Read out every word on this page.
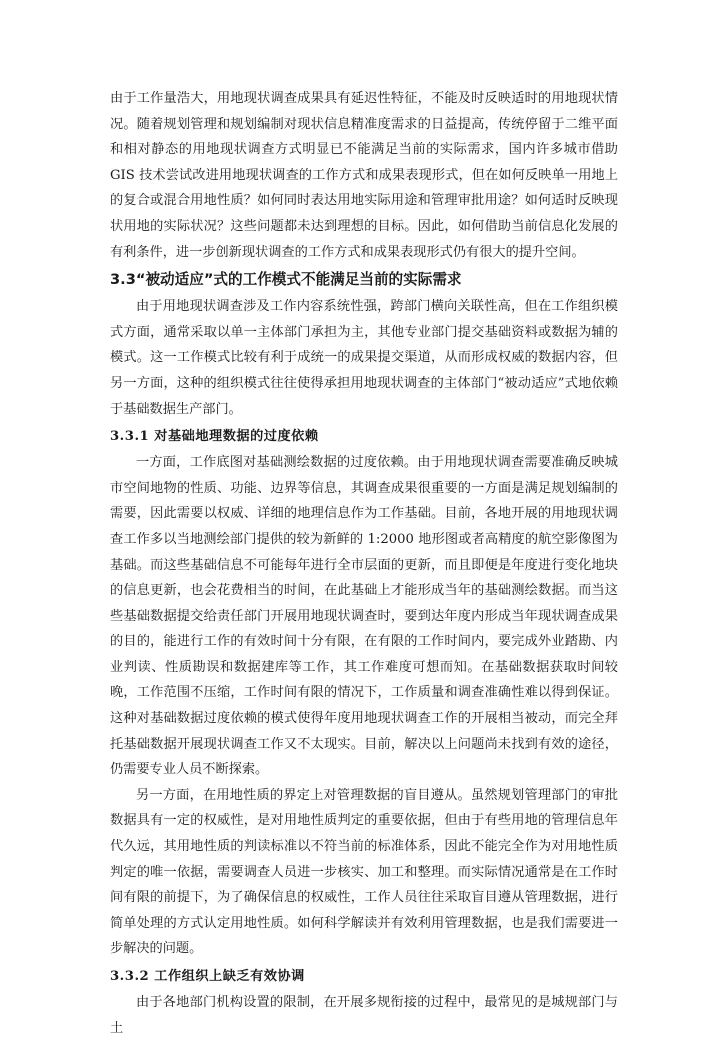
由于工作量浩大，用地现状调查成果具有延迟性特征，不能及时反映适时的用地现状情况。随着规划管理和规划编制对现状信息精准度需求的日益提高，传统停留于二维平面和相对静态的用地现状调查方式明显已不能满足当前的实际需求，国内许多城市借助 GIS 技术尝试改进用地现状调查的工作方式和成果表现形式，但在如何反映单一用地上的复合或混合用地性质？如何同时表达用地实际用途和管理审批用途？如何适时反映现状用地的实际状况？这些问题都未达到理想的目标。因此，如何借助当前信息化发展的有利条件，进一步创新现状调查的工作方式和成果表现形式仍有很大的提升空间。

3.3“被动适应”式的工作模式不能满足当前的实际需求

由于用地现状调查涉及工作内容系统性强，跨部门横向关联性高，但在工作组织模式方面，通常采取以单一主体部门承担为主，其他专业部门提交基础资料或数据为辅的模式。这一工作模式比较有利于成统一的成果提交渠道，从而形成权威的数据内容，但另一方面，这种的组织模式往往使得承担用地现状调查的主体部门“被动适应”式地依赖于基础数据生产部门。

3.3.1 对基础地理数据的过度依赖

一方面，工作底图对基础测绘数据的过度依赖。由于用地现状调查需要准确反映城市空间地物的性质、功能、边界等信息，其调查成果很重要的一方面是满足规划编制的需要，因此需要以权威、详细的地理信息作为工作基础。目前，各地开展的用地现状调查工作多以当地测绘部门提供的较为新鲜的 1:2000 地形图或者高精度的航空影像图为基础。而这些基础信息不可能每年进行全市层面的更新，而且即便是年度进行变化地块的信息更新，也会花费相当的时间，在此基础上才能形成当年的基础测绘数据。而当这些基础数据提交给责任部门开展用地现状调查时，要到达年度内形成当年现状调查成果的目的，能进行工作的有效时间十分有限，在有限的工作时间内，要完成外业踏勘、内业判读、性质勘误和数据建库等工作，其工作难度可想而知。在基础数据获取时间较晚，工作范围不压缩，工作时间有限的情况下，工作质量和调查准确性难以得到保证。这种对基础数据过度依赖的模式使得年度用地现状调查工作的开展相当被动，而完全拜托基础数据开展现状调查工作又不太现实。目前，解决以上问题尚未找到有效的途径，仍需要专业人员不断探索。

另一方面，在用地性质的界定上对管理数据的盲目遵从。虽然规划管理部门的审批数据具有一定的权威性，是对用地性质判定的重要依据，但由于有些用地的管理信息年代久远，其用地性质的判读标准以不符当前的标准体系，因此不能完全作为对用地性质判定的唯一依据，需要调查人员进一步核实、加工和整理。而实际情况通常是在工作时间有限的前提下，为了确保信息的权威性，工作人员往往采取盲目遵从管理数据，进行简单处理的方式认定用地性质。如何科学解读并有效利用管理数据，也是我们需要进一步解决的问题。

3.3.2 工作组织上缺乏有效协调

由于各地部门机构设置的限制，在开展多规衔接的过程中，最常见的是城规部门与土
